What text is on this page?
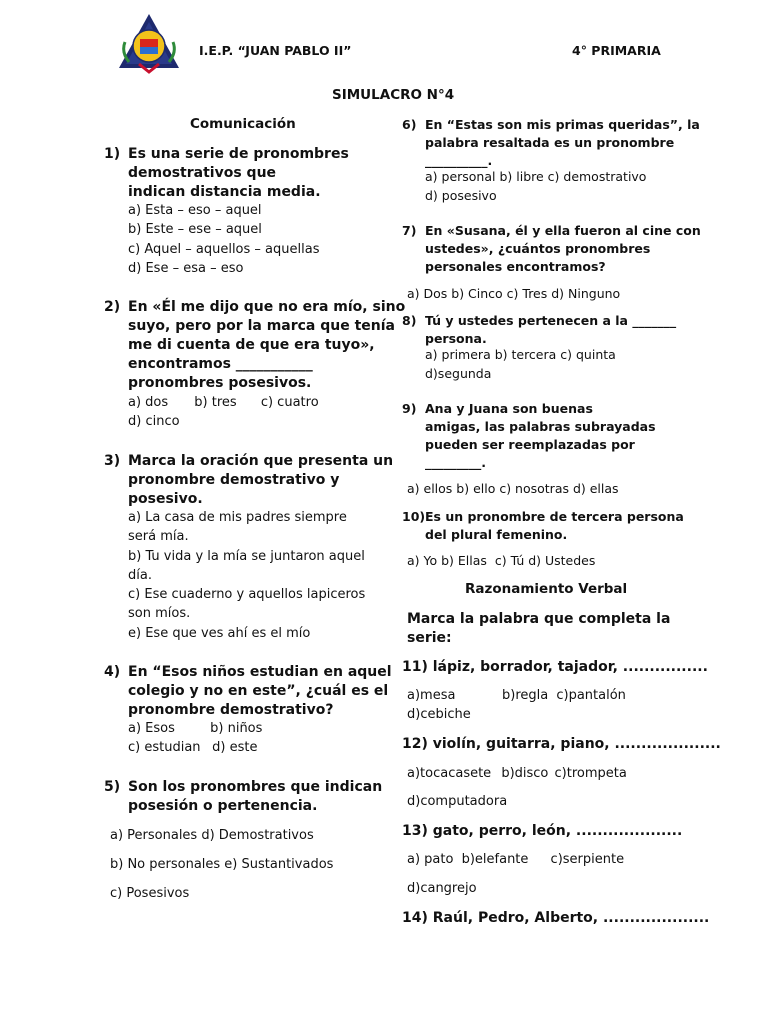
I.E.P. “JUAN PABLO II”	4° PRIMARIA
SIMULACRO N°4
Comunicación
1) Es una serie de pronombres
demostrativos que
indican distancia media.
a) Esta – eso – aquel
b) Este – ese – aquel
c) Aquel – aquellos – aquellas
d) Ese – esa – eso
2) En «Él me dijo que no era mío, sino
suyo, pero por la marca que tenía
me di cuenta de que era tuyo»,
encontramos ___________
pronombres posesivos.
a) dos b) tres c) cuatro
d) cinco
3) Marca la oración que presenta un
pronombre demostrativo y
posesivo.
a) La casa de mis padres siempre
será mía.
b) Tu vida y la mía se juntaron aquel
día.
c) Ese cuaderno y aquellos lapiceros
son míos.
e) Ese que ves ahí es el mío
4) En “Esos niños estudian en aquel
colegio y no en este”, ¿cuál es el
pronombre demostrativo?
a) Esos	b) niños
c) estudian d) este
5) Son los pronombres que indican
posesión o pertenencia.
a) Personales d) Demostrativos
b) No personales e) Sustantivados
c) Posesivos
6) En “Estas son mis primas queridas”, la
palabra resaltada es un pronombre
__________.
a) personal b) libre c) demostrativo
d) posesivo
7) En «Susana, él y ella fueron al cine con
ustedes», ¿cuántos pronombres
personales encontramos?
a) Dos b) Cinco c) Tres d) Ninguno
8) Tú y ustedes pertenecen a la _______
persona.
a) primera b) tercera c) quinta
d)segunda
9) Ana y Juana son buenas
amigas, las palabras subrayadas
pueden ser reemplazadas por
_________.
a) ellos b) ello c) nosotras d) ellas
10) Es un pronombre de tercera persona
del plural femenino.
a) Yo b) Ellas  c) Tú d) Ustedes
Razonamiento Verbal
Marca la palabra que completa la
serie:
11) lápiz, borrador, tajador, ................
a)mesa	b)regla c)pantalón
d)cebiche
12) violín, guitarra, piano, ....................
a)tocacasete b)disco c)trompeta
d)computadora
13) gato, perro, león, ....................
a) pato b)elefante c)serpiente
d)cangrejo
14) Raúl, Pedro, Alberto, ....................
